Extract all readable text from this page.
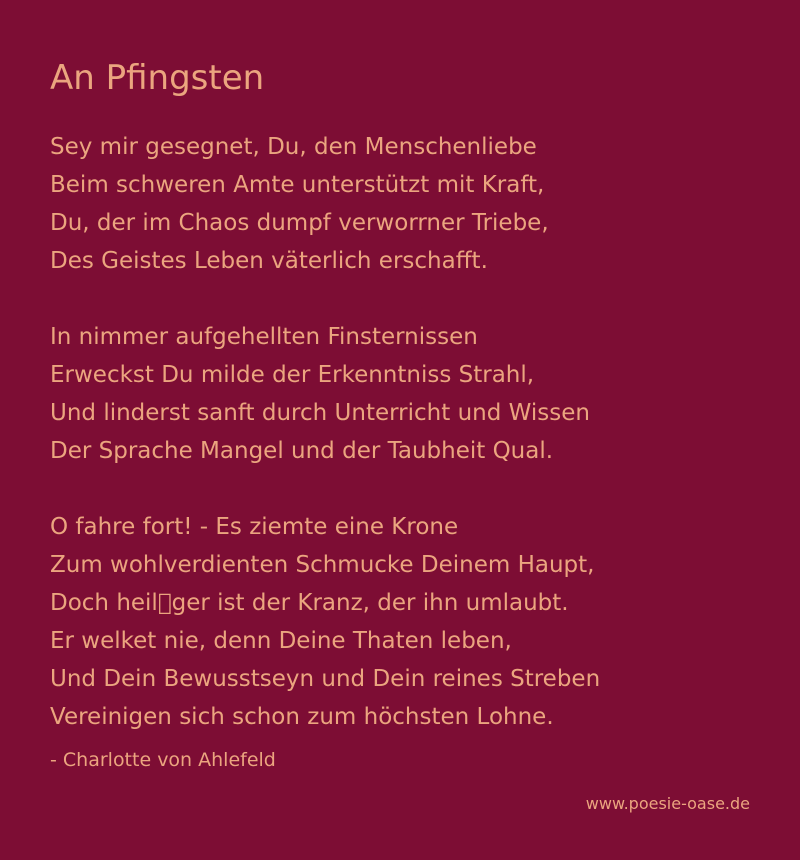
An Pfingsten
Sey mir gesegnet, Du, den Menschenliebe
Beim schweren Amte unterstützt mit Kraft,
Du, der im Chaos dumpf verworrner Triebe,
Des Geistes Leben väterlich erschafft.
In nimmer aufgehellten Finsternissen
Erweckst Du milde der Erkenntniss Strahl,
Und linderst sanft durch Unterricht und Wissen
Der Sprache Mangel und der Taubheit Qual.
O fahre fort! - Es ziemte eine Krone
Zum wohlverdienten Schmucke Deinem Haupt,
Doch heil ger ist der Kranz, der ihn umlaubt.
Er welket nie, denn Deine Thaten leben,
Und Dein Bewusstseyn und Dein reines Streben
Vereinigen sich schon zum höchsten Lohne.
- Charlotte von Ahlefeld
www.poesie-oase.de
